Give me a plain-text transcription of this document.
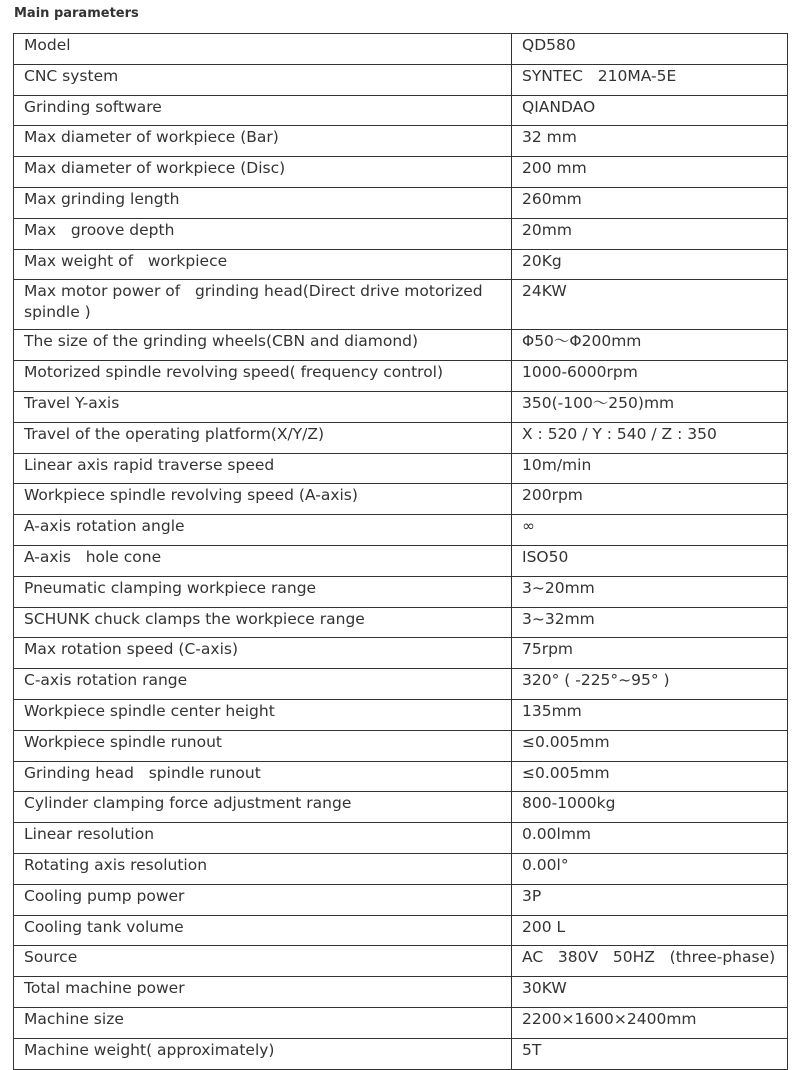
Main parameters
Model	QD580
CNC system	SYNTEC   210MA-5E
Grinding software	QIANDAO
Max diameter of workpiece (Bar)	32 mm
Max diameter of workpiece (Disc)	200 mm
Max grinding length	260mm
Max   groove depth	20mm
Max weight of   workpiece	20Kg
Max motor power of   grinding head(Direct drive motorized spindle )	24KW
The size of the grinding wheels(CBN and diamond)	Φ50～Φ200mm
Motorized spindle revolving speed( frequency control)	1000-6000rpm
Travel Y-axis	350(-100～250)mm
Travel of the operating platform(X/Y/Z)	X : 520 / Y : 540 / Z : 350
Linear axis rapid traverse speed	10m/min
Workpiece spindle revolving speed (A-axis)	200rpm
A-axis rotation angle	∞
A-axis   hole cone	ISO50
Pneumatic clamping workpiece range	3~20mm
SCHUNK chuck clamps the workpiece range	3~32mm
Max rotation speed (C-axis)	75rpm
C-axis rotation range	320° ( -225°~95° )
Workpiece spindle center height	135mm
Workpiece spindle runout	≤0.005mm
Grinding head   spindle runout	≤0.005mm
Cylinder clamping force adjustment range	800-1000kg
Linear resolution	0.00lmm
Rotating axis resolution	0.00l°
Cooling pump power	3P
Cooling tank volume	200 L
Source	AC   380V   50HZ   (three-phase)
Total machine power	30KW
Machine size	2200×1600×2400mm
Machine weight( approximately)	5T
